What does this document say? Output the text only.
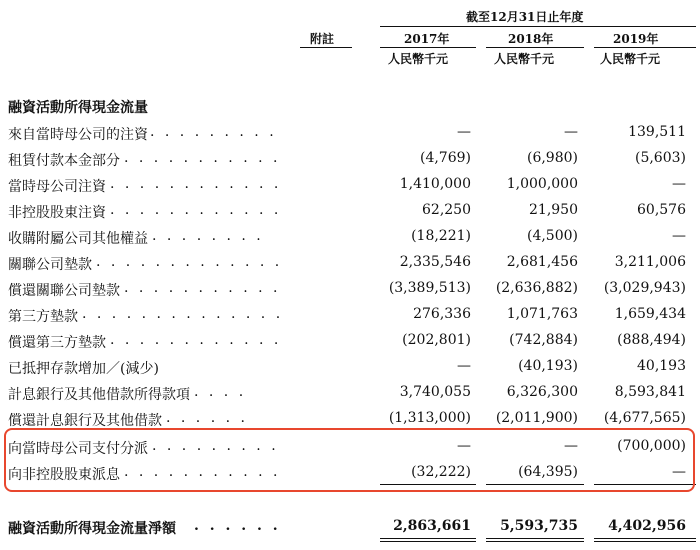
截至12月31日止年度
附註	2017年	2018年	2019年
人民幣千元	人民幣千元	人民幣千元
融資活動所得現金流量
來自當時母公司的注資 . . . . . . . . .	—	—	139,511
租賃付款本金部分 . . . . . . . . . . .	(4,769)	(6,980)	(5,603)
當時母公司注資 . . . . . . . . . . . .	1,410,000	1,000,000	—
非控股股東注資 . . . . . . . . . . . .	62,250	21,950	60,576
收購附屬公司其他權益 . . . . . . . .	(18,221)	(4,500)	—
關聯公司墊款 . . . . . . . . . . . . .	2,335,546	2,681,456	3,211,006
償還關聯公司墊款 . . . . . . . . . . .	(3,389,513) (2,636,882) (3,029,943)
第三方墊款 . . . . . . . . . . . . . .	276,336	1,071,763	1,659,434
償還第三方墊款 . . . . . . . . . . . .	(202,801)	(742,884)	(888,494)
已抵押存款增加／(減少)	—	(40,193)	40,193
計息銀行及其他借款所得款項 . . . .	3,740,055	6,326,300	8,593,841
償還計息銀行及其他借款 . . . . . .	(1,313,000) (2,011,900) (4,677,565)
向當時母公司支付分派 . . . . . . . . .	—	—	(700,000)
向非控股股東派息 . . . . . . . . . . .	(32,222)	(64,395)	—
融資活動所得現金流量淨額 . . . . . .	2,863,661 5,593,735 4,402,956
